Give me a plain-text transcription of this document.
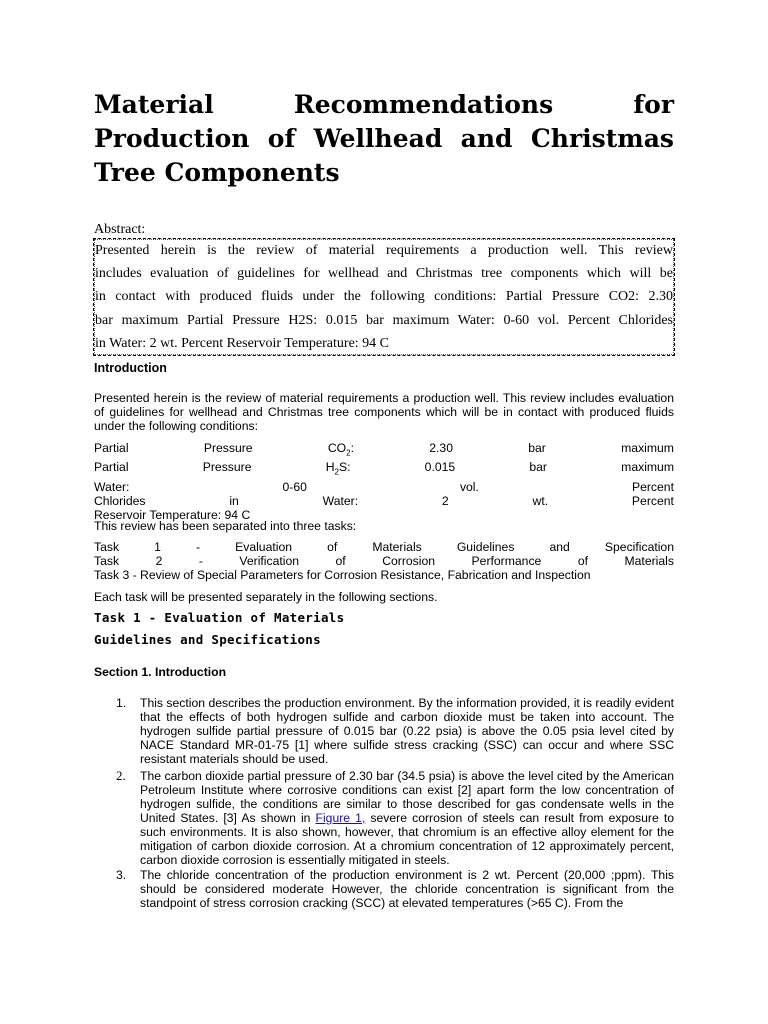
Material Recommendations for Production of Wellhead and Christmas Tree Components
Abstract:
Presented herein is the review of material requirements a production well. This review
includes evaluation of guidelines for wellhead and Christmas tree components which will be
in contact with produced fluids under the following conditions: Partial Pressure CO2: 2.30
bar maximum Partial Pressure H2S: 0.015 bar maximum Water: 0-60 vol. Percent Chlorides
in Water: 2 wt. Percent Reservoir Temperature: 94 C
Introduction
Presented herein is the review of material requirements a production well. This review includes evaluation of guidelines for wellhead and Christmas tree components which will be in contact with produced fluids under the following conditions:
Partial	Pressure	$CO_2$:	2.30	bar	maximum
Partial	Pressure	$H_2S$:	0.015	bar	maximum
Water:	0-60	vol.	Percent
Chlorides	in	Water:	2	wt.	Percent
Reservoir Temperature: 94 C
This review has been separated into three tasks:
Task	1	-	Evaluation	of	Materials	Guidelines	and	Specification
Task	2	-	Verification	of	Corrosion	Performance	of	Materials
Task 3 - Review of Special Parameters for Corrosion Resistance, Fabrication and Inspection
Each task will be presented separately in the following sections.
Task 1 - Evaluation of Materials
Guidelines and Specifications
Section 1. Introduction
1. This section describes the production environment. By the information provided, it is readily evident that the effects of both hydrogen sulfide and carbon dioxide must be taken into account. The hydrogen sulfide partial pressure of 0.015 bar (0.22 psia) is above the 0.05 psia level cited by NACE Standard MR-01-75 [1] where sulfide stress cracking (SSC) can occur and where SSC resistant materials should be used.
2. The carbon dioxide partial pressure of 2.30 bar (34.5 psia) is above the level cited by the American Petroleum Institute where corrosive conditions can exist [2] apart form the low concentration of hydrogen sulfide, the conditions are similar to those described for gas condensate wells in the United States. [3] As shown in Figure 1, severe corrosion of steels can result from exposure to such environments. It is also shown, however, that chromium is an effective alloy element for the mitigation of carbon dioxide corrosion. At a chromium concentration of 12 approximately percent, carbon dioxide corrosion is essentially mitigated in steels.
3. The chloride concentration of the production environment is 2 wt. Percent (20,000 ;ppm). This should be considered moderate However, the chloride concentration is significant from the standpoint of stress corrosion cracking (SCC) at elevated temperatures (>65 C). From the
